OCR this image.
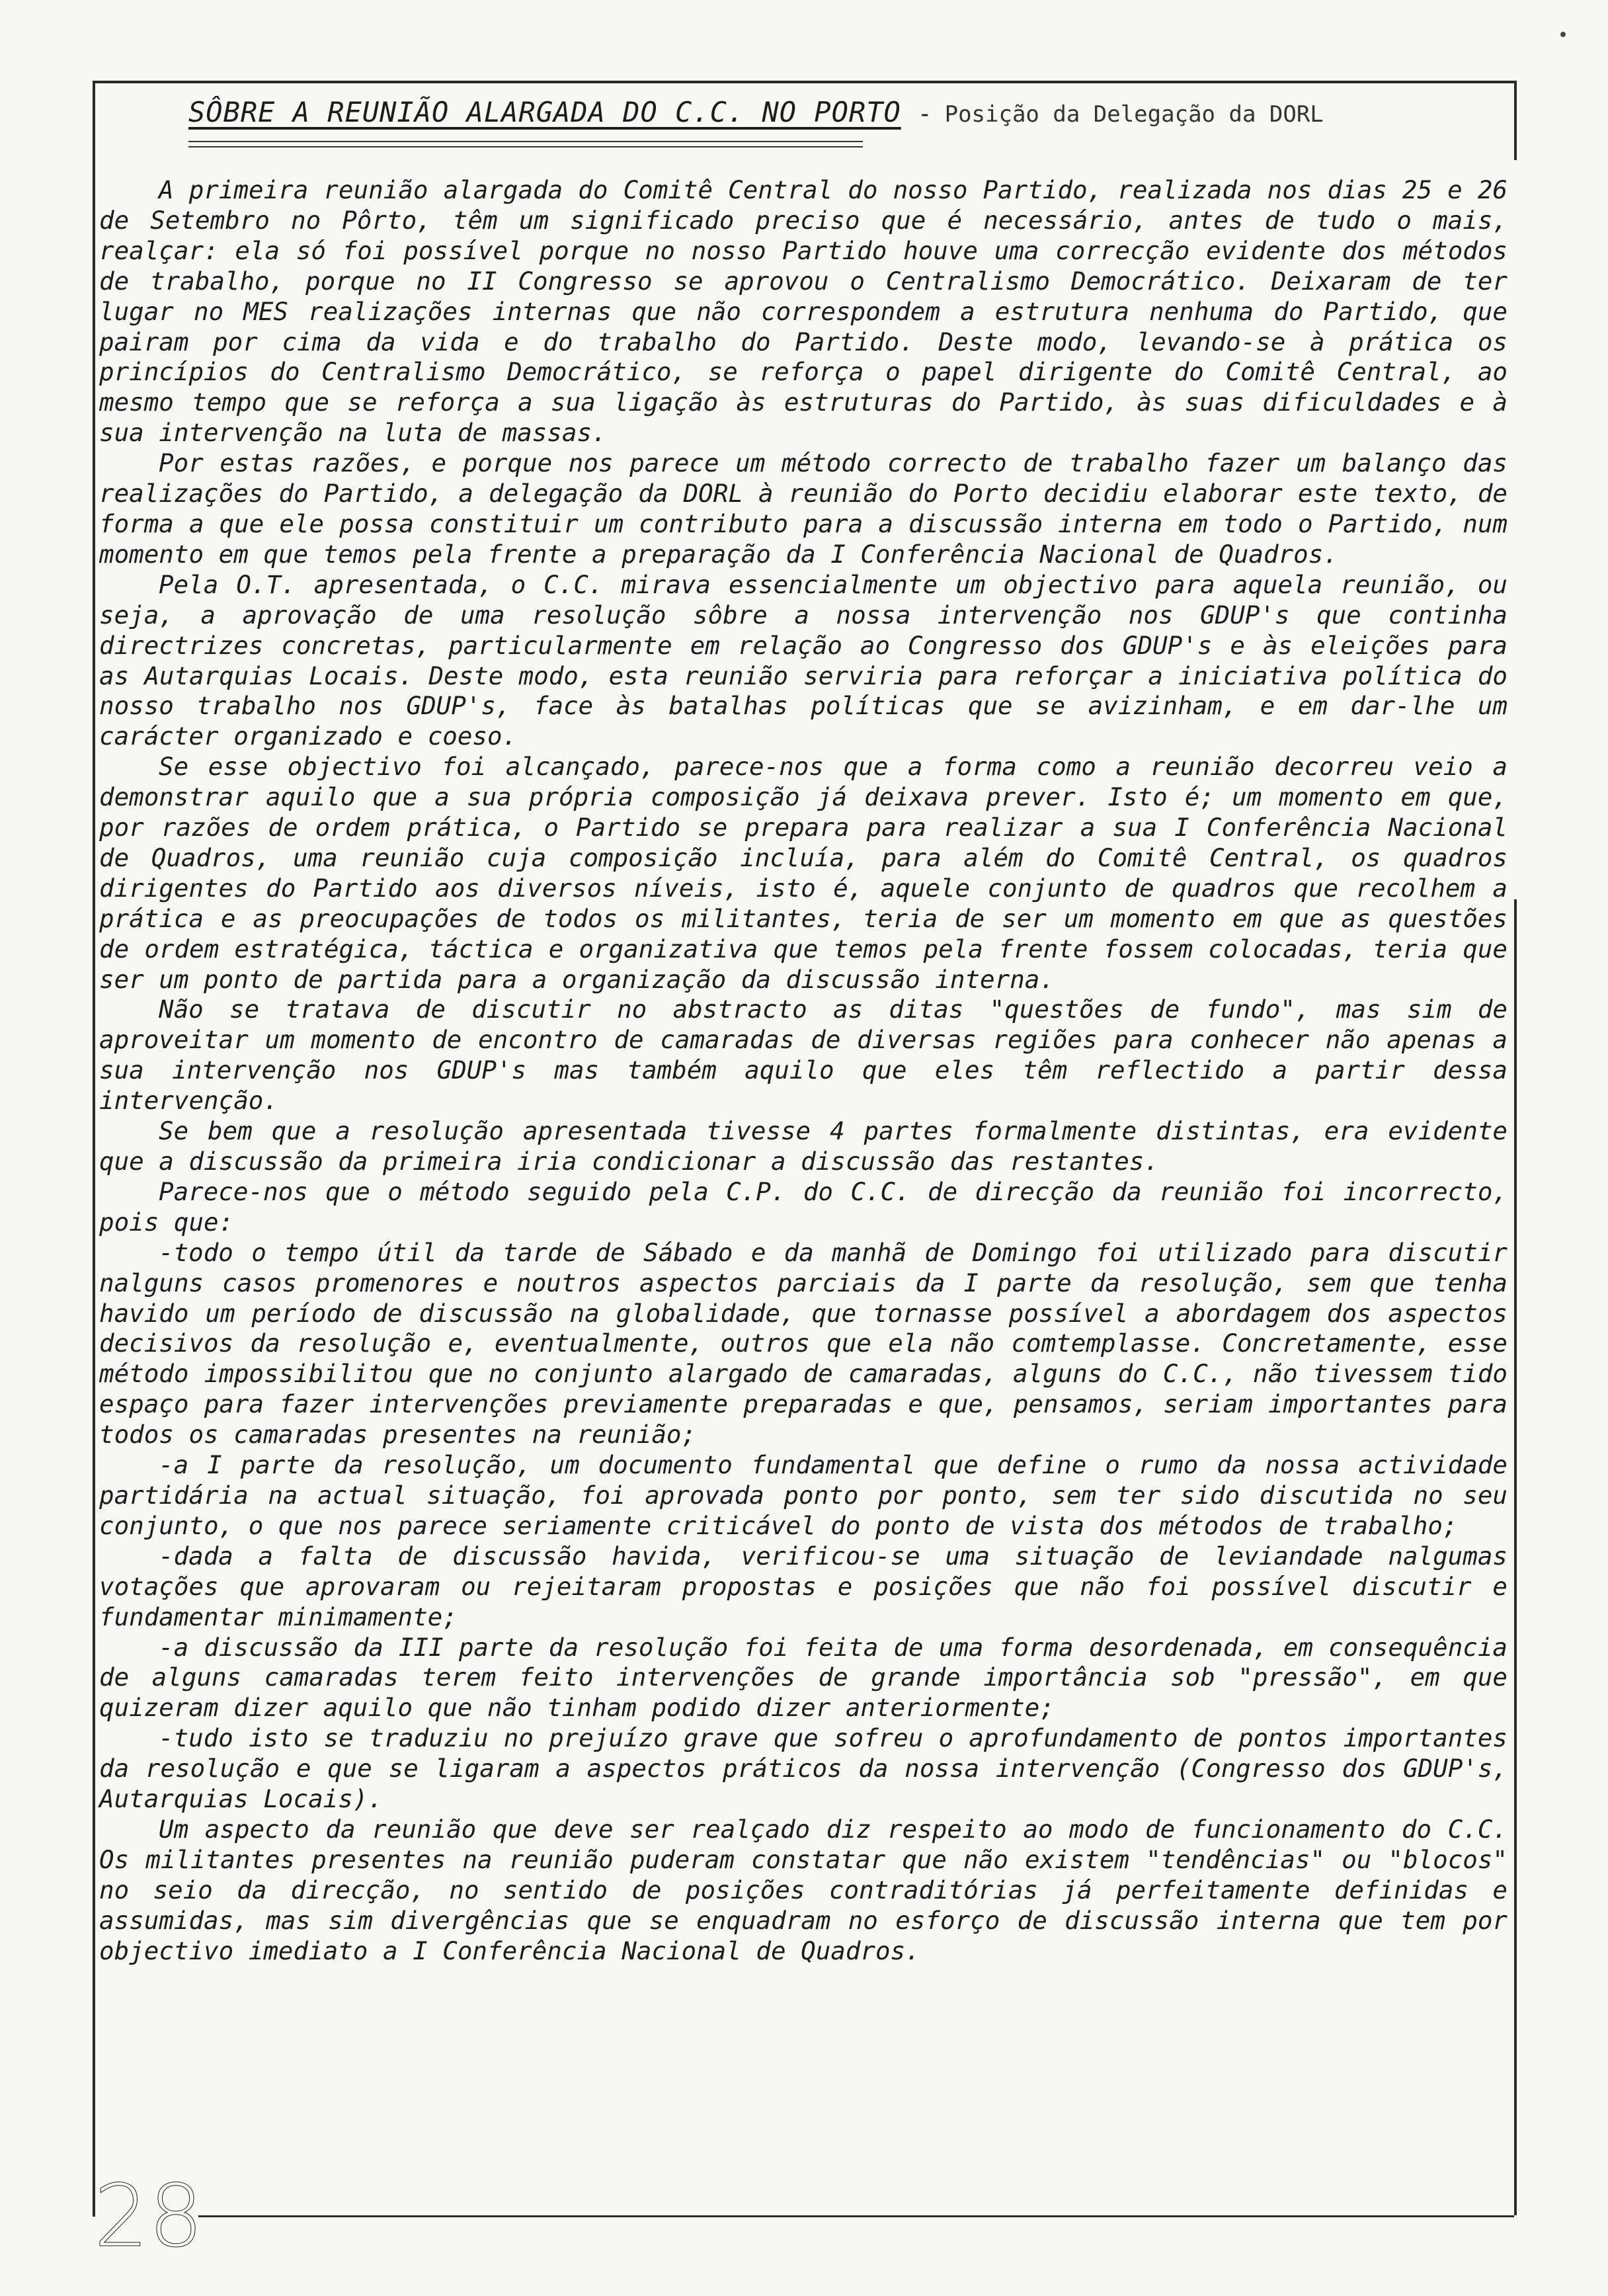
SÔBRE A REUNIÃO ALARGADA DO C.C. NO PORTO - Posição da Delegação da DORL

A primeira reunião alargada do Comitê Central do nosso Partido, realizada nos dias 25 e 26 de Setembro no Pôrto, têm um significado preciso que é necessário, antes de tudo o mais, realçar: ela só foi possível porque no nosso Partido houve uma correcção evidente dos métodos de trabalho, porque no II Congresso se aprovou o Centralismo Democrático. Deixaram de ter lugar no MES realizações internas que não correspondem a estrutura nenhuma do Partido, que pairam por cima da vida e do trabalho do Partido. Deste modo, levando-se à prática os princípios do Centralismo Democrático, se reforça o papel dirigente do Comitê Central, ao mesmo tempo que se reforça a sua ligação às estruturas do Partido, às suas dificuldades e à sua intervenção na luta de massas.

Por estas razões, e porque nos parece um método correcto de trabalho fazer um balanço das realizações do Partido, a delegação da DORL à reunião do Porto decidiu elaborar este texto, de forma a que ele possa constituir um contributo para a discussão interna em todo o Partido, num momento em que temos pela frente a preparação da I Conferência Nacional de Quadros.

Pela O.T. apresentada, o C.C. mirava essencialmente um objectivo para aquela reunião, ou seja, a aprovação de uma resolução sôbre a nossa intervenção nos GDUP's que continha directrizes concretas, particularmente em relação ao Congresso dos GDUP's e às eleições para as Autarquias Locais. Deste modo, esta reunião serviria para reforçar a iniciativa política do nosso trabalho nos GDUP's, face às batalhas políticas que se avizinham, e em dar-lhe um carácter organizado e coeso.

Se esse objectivo foi alcançado, parece-nos que a forma como a reunião decorreu veio a demonstrar aquilo que a sua própria composição já deixava prever. Isto é; um momento em que, por razões de ordem prática, o Partido se prepara para realizar a sua I Conferência Nacional de Quadros, uma reunião cuja composição incluía, para além do Comitê Central, os quadros dirigentes do Partido aos diversos níveis, isto é, aquele conjunto de quadros que recolhem a prática e as preocupações de todos os militantes, teria de ser um momento em que as questões de ordem estratégica, táctica e organizativa que temos pela frente fossem colocadas, teria que ser um ponto de partida para a organização da discussão interna.

Não se tratava de discutir no abstracto as ditas "questões de fundo", mas sim de aproveitar um momento de encontro de camaradas de diversas regiões para conhecer não apenas a sua intervenção nos GDUP's mas também aquilo que eles têm reflectido a partir dessa intervenção.

Se bem que a resolução apresentada tivesse 4 partes formalmente distintas, era evidente que a discussão da primeira iria condicionar a discussão das restantes.

Parece-nos que o método seguido pela C.P. do C.C. de direcção da reunião foi incorrecto, pois que:

-todo o tempo útil da tarde de Sábado e da manhã de Domingo foi utilizado para discutir nalguns casos promenores e noutros aspectos parciais da I parte da resolução, sem que tenha havido um período de discussão na globalidade, que tornasse possível a abordagem dos aspectos decisivos da resolução e, eventualmente, outros que ela não comtemplasse. Concretamente, esse método impossibilitou que no conjunto alargado de camaradas, alguns do C.C., não tivessem tido espaço para fazer intervenções previamente preparadas e que, pensamos, seriam importantes para todos os camaradas presentes na reunião;

-a I parte da resolução, um documento fundamental que define o rumo da nossa actividade partidária na actual situação, foi aprovada ponto por ponto, sem ter sido discutida no seu conjunto, o que nos parece seriamente criticável do ponto de vista dos métodos de trabalho;

-dada a falta de discussão havida, verificou-se uma situação de leviandade nalgumas votações que aprovaram ou rejeitaram propostas e posições que não foi possível discutir e fundamentar minimamente;

-a discussão da III parte da resolução foi feita de uma forma desordenada, em consequência de alguns camaradas terem feito intervenções de grande importância sob "pressão", em que quizeram dizer aquilo que não tinham podido dizer anteriormente;

-tudo isto se traduziu no prejuízo grave que sofreu o aprofundamento de pontos importantes da resolução e que se ligaram a aspectos práticos da nossa intervenção (Congresso dos GDUP's, Autarquias Locais).

Um aspecto da reunião que deve ser realçado diz respeito ao modo de funcionamento do C.C. Os militantes presentes na reunião puderam constatar que não existem "tendências" ou "blocos" no seio da direcção, no sentido de posições contraditórias já perfeitamente definidas e assumidas, mas sim divergências que se enquadram no esforço de discussão interna que tem por objectivo imediato a I Conferência Nacional de Quadros.

28
